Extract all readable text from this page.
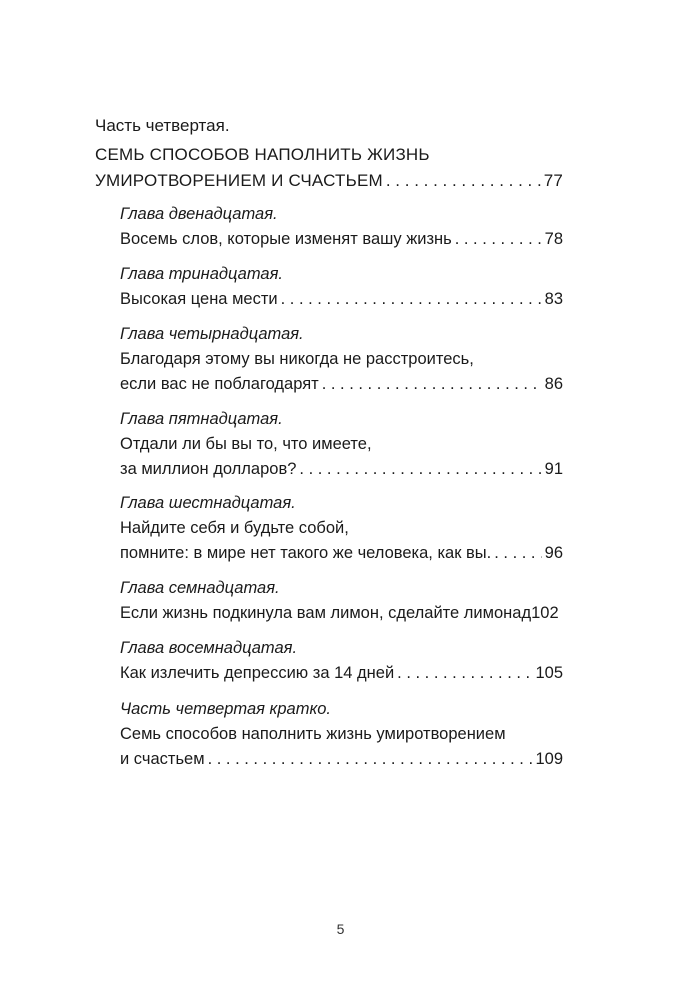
Часть четвертая.
СЕМЬ СПОСОБОВ НАПОЛНИТЬ ЖИЗНЬ
УМИРОТВОРЕНИЕМ И СЧАСТЬЕМ . . .	77
Глава двенадцатая.
Восемь слов, которые изменят вашу жизнь . . .	78
Глава тринадцатая.
Высокая цена мести . . .	83
Глава четырнадцатая.
Благодаря этому вы никогда не расстроитесь,
если вас не поблагодарят . . .	86
Глава пятнадцатая.
Отдали ли бы вы то, что имеете,
за миллион долларов? . . .	91
Глава шестнадцатая.
Найдите себя и будьте собой,
помните: в мире нет такого же человека, как вы. . . .	96
Глава семнадцатая.
Если жизнь подкинула вам лимон, сделайте лимонад 102
Глава восемнадцатая.
Как излечить депрессию за 14 дней . . .	105
Часть четвертая кратко.
Семь способов наполнить жизнь умиротворением
и счастьем . . .	109
5
